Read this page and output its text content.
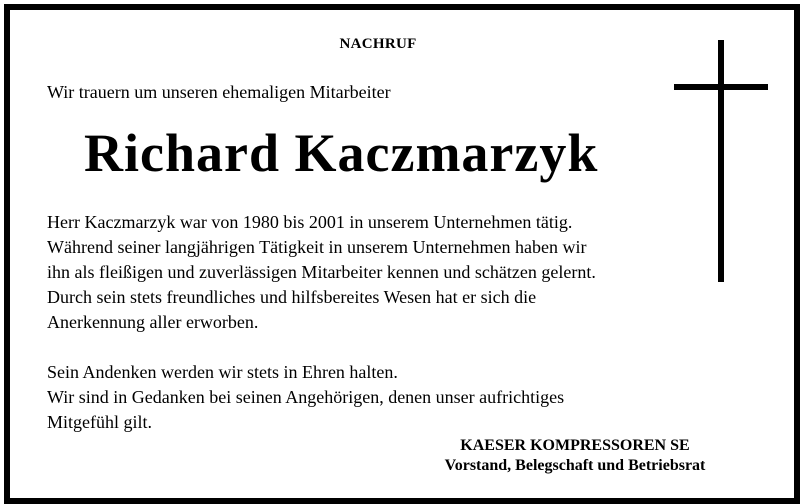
NACHRUF
Wir trauern um unseren ehemaligen Mitarbeiter
Richard Kaczmarzyk

Herr Kaczmarzyk war von 1980 bis 2001 in unserem Unternehmen tätig.

Während seiner langjährigen Tätigkeit in unserem Unternehmen haben wir

ihn als fleißigen und zuverlässigen Mitarbeiter kennen und schätzen gelernt.

Durch sein stets freundliches und hilfsbereites Wesen hat er sich die

Anerkennung aller erworben.

Sein Andenken werden wir stets in Ehren halten.

Wir sind in Gedanken bei seinen Angehörigen, denen unser aufrichtiges

Mitgefühl gilt.

KAESER KOMPRESSOREN SE
Vorstand, Belegschaft und Betriebsrat
